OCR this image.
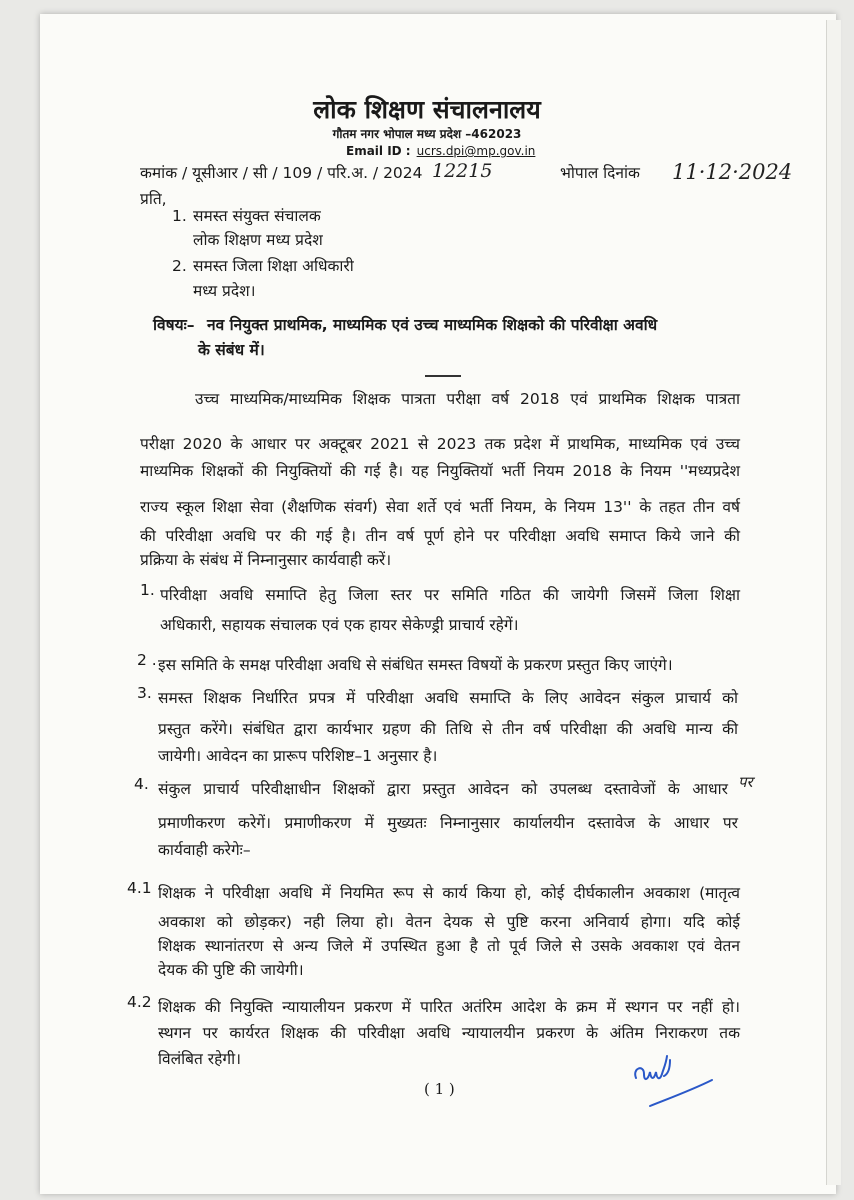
लोक शिक्षण संचालनालय
गौतम नगर भोपाल मध्य प्रदेश –462023
Email ID : ucrs.dpi@mp.gov.in
कमांक / यूसीआर / सी / 109 / परि.अ. / 2024 12215	भोपाल दिनांक 11·12·2024
प्रति,
1. समस्त संयुक्त संचालक
लोक शिक्षण मध्य प्रदेश
2. समस्त जिला शिक्षा अधिकारी
मध्य प्रदेश।
विषयः– नव नियुक्त प्राथमिक, माध्यमिक एवं उच्च माध्यमिक शिक्षको की परिवीक्षा अवधि
के संबंध में।
उच्च माध्यमिक/माध्यमिक शिक्षक पात्रता परीक्षा वर्ष 2018 एवं प्राथमिक शिक्षक पात्रता
परीक्षा 2020 के आधार पर अक्टूबर 2021 से 2023 तक प्रदेश में प्राथमिक, माध्यमिक एवं उच्च
माध्यमिक शिक्षकों की नियुक्तियों की गई है। यह नियुक्तियॉ भर्ती नियम 2018 के नियम ''मध्यप्रदेश
राज्य स्कूल शिक्षा सेवा (शैक्षणिक संवर्ग) सेवा शर्ते एवं भर्ती नियम, के नियम 13'' के तहत तीन वर्ष
की परिवीक्षा अवधि पर की गई है। तीन वर्ष पूर्ण होने पर परिवीक्षा अवधि समाप्त किये जाने की
प्रक्रिया के संबंध में निम्नानुसार कार्यवाही करें।
1. परिवीक्षा अवधि समाप्ति हेतु जिला स्तर पर समिति गठित की जायेगी जिसमें जिला शिक्षा
अधिकारी, सहायक संचालक एवं एक हायर सेकेण्ड्री प्राचार्य रहेगें।
2 . इस समिति के समक्ष परिवीक्षा अवधि से संबंधित समस्त विषयों के प्रकरण प्रस्तुत किए जाएंगे।
3. समस्त शिक्षक निर्धारित प्रपत्र में परिवीक्षा अवधि समाप्ति के लिए आवेदन संकुल प्राचार्य को
प्रस्तुत करेंगे। संबंधित द्वारा कार्यभार ग्रहण की तिथि से तीन वर्ष परिवीक्षा की अवधि मान्य की
जायेगी। आवेदन का प्रारूप परिशिष्ट–1 अनुसार है।
4. संकुल प्राचार्य परिवीक्षाधीन शिक्षकों द्वारा प्रस्तुत आवेदन को उपलब्ध दस्तावेजों के आधार पर
प्रमाणीकरण करेगें। प्रमाणीकरण में मुख्यतः निम्नानुसार कार्यालयीन दस्तावेज के आधार पर
कार्यवाही करेगेः–
4.1 शिक्षक ने परिवीक्षा अवधि में नियमित रूप से कार्य किया हो, कोई दीर्घकालीन अवकाश (मातृत्व
अवकाश को छोड़कर) नही लिया हो। वेतन देयक से पुष्टि करना अनिवार्य होगा। यदि कोई
शिक्षक स्थानांतरण से अन्य जिले में उपस्थित हुआ है तो पूर्व जिले से उसके अवकाश एवं वेतन
देयक की पुष्टि की जायेगी।
4.2 शिक्षक की नियुक्ति न्यायालीयन प्रकरण में पारित अतंरिम आदेश के क्रम में स्थगन पर नहीं हो।
स्थगन पर कार्यरत शिक्षक की परिवीक्षा अवधि न्यायालयीन प्रकरण के अंतिम निराकरण तक
विलंबित रहेगी।
( 1 )
